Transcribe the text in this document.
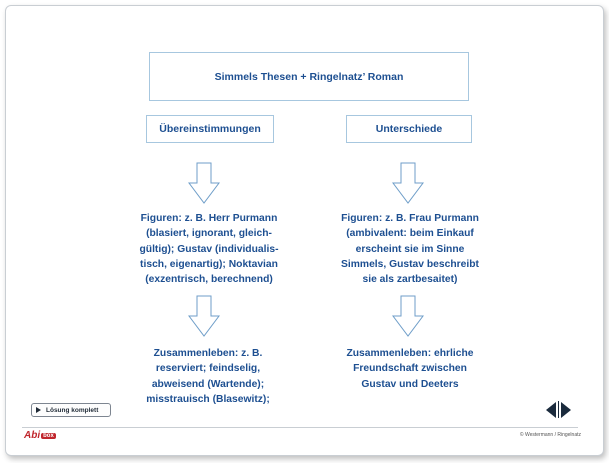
Simmels Thesen + Ringelnatz’ Roman
Übereinstimmungen	Unterschiede
Figuren: z. B. Herr Purmann
(blasiert, ignorant, gleich-
gültig); Gustav (individualis-
tisch, eigenartig); Noktavian
(exzentrisch, berechnend)
Figuren: z. B. Frau Purmann
(ambivalent: beim Einkauf
erscheint sie im Sinne
Simmels, Gustav beschreibt
sie als zartbesaitet)
Zusammenleben: z. B.
reserviert; feindselig,
abweisend (Wartende);
misstrauisch (Blasewitz);
Zusammenleben: ehrliche
Freundschaft zwischen
Gustav und Deeters
Lösung komplett
Abi box	© Westermann / Ringelnatz
